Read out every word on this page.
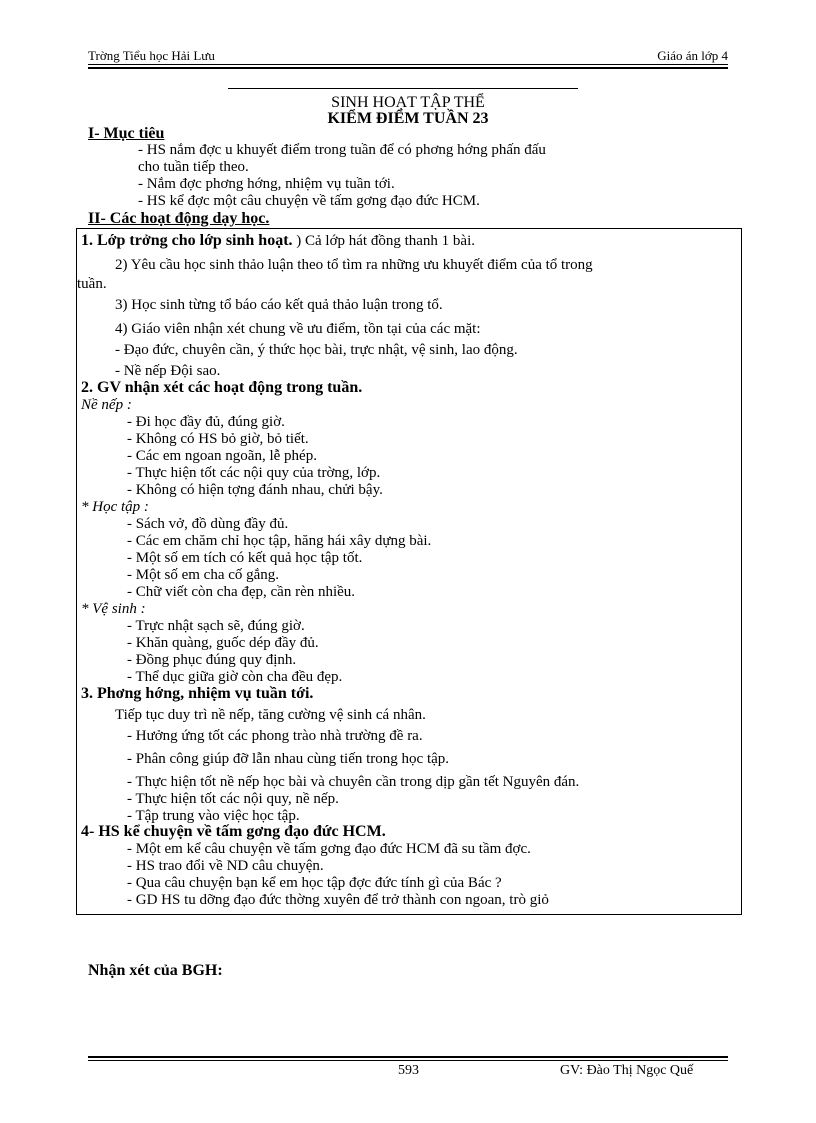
Trờng Tiểu học Hải Lưu	Giáo án lớp 4
SINH HOẠT TẬP THỂ
KIỂM ĐIỂM TUẦN 23
I- Mục tiêu
- HS nắm đợc u khuyết điểm trong tuần để có phơng hớng phấn đấu
cho tuần tiếp theo.
- Nắm đợc phơng hớng, nhiệm vụ tuần tới.
- HS kể đợc một câu chuyện về tấm gơng đạo đức HCM.
II- Các hoạt động dạy học.
1. Lớp trởng cho lớp sinh hoạt. ) Cả lớp hát đồng thanh 1 bài.
2) Yêu cầu học sinh thảo luận theo tổ tìm ra những ưu khuyết điểm của tổ trong
tuần.
3) Học sinh từng tổ báo cáo kết quả thảo luận trong tổ.
4) Giáo viên nhận xét chung về ưu điểm, tồn tại của các mặt:
- Đạo đức, chuyên cần, ý thức học bài, trực nhật, vệ sinh, lao động.
- Nề nếp Đội sao.
2. GV nhận xét các hoạt động trong tuần.
Nề nếp :
- Đi học đầy đủ, đúng giờ.
- Không có HS bỏ giờ, bỏ tiết.
- Các em ngoan ngoãn, lễ phép.
- Thực hiện tốt các nội quy của trờng, lớp.
- Không có hiện tợng đánh nhau, chửi bậy.
* Học tập :
- Sách vở, đồ dùng đầy đủ.
- Các em chăm chỉ học tập, hăng hái xây dựng bài.
- Một số em tích có kết quả học tập tốt.
- Một số em cha cố gắng.
- Chữ viết còn cha đẹp, cần rèn nhiều.
* Vệ sinh :
- Trực nhật sạch sẽ, đúng giờ.
- Khăn quàng, guốc dép đầy đủ.
- Đồng phục đúng quy định.
- Thể dục giữa giờ còn cha đều đẹp.
3. Phơng hớng, nhiệm vụ tuần tới.
Tiếp tục duy trì nề nếp, tăng cường vệ sinh cá nhân.
- Hưởng ứng tốt các phong trào nhà trường đề ra.
- Phân công giúp đỡ lẫn nhau cùng tiến trong học tập.
- Thực hiện tốt nề nếp học bài và chuyên cần trong dịp gần tết Nguyên đán.
- Thực hiện tốt các nội quy, nề nếp.
- Tập trung vào việc học tập.
4- HS kể chuyện về tấm gơng đạo đức HCM.
- Một em kể câu chuyện về tấm gơng đạo đức HCM đã su tầm đợc.
- HS trao đổi về ND câu chuyện.
- Qua câu chuyện bạn kể em học tập đợc đức tính gì của Bác ?
- GD HS tu dỡng đạo đức thờng xuyên để trở thành con ngoan, trò giỏ
Nhận xét của BGH:
593	GV: Đào Thị Ngọc Quế
